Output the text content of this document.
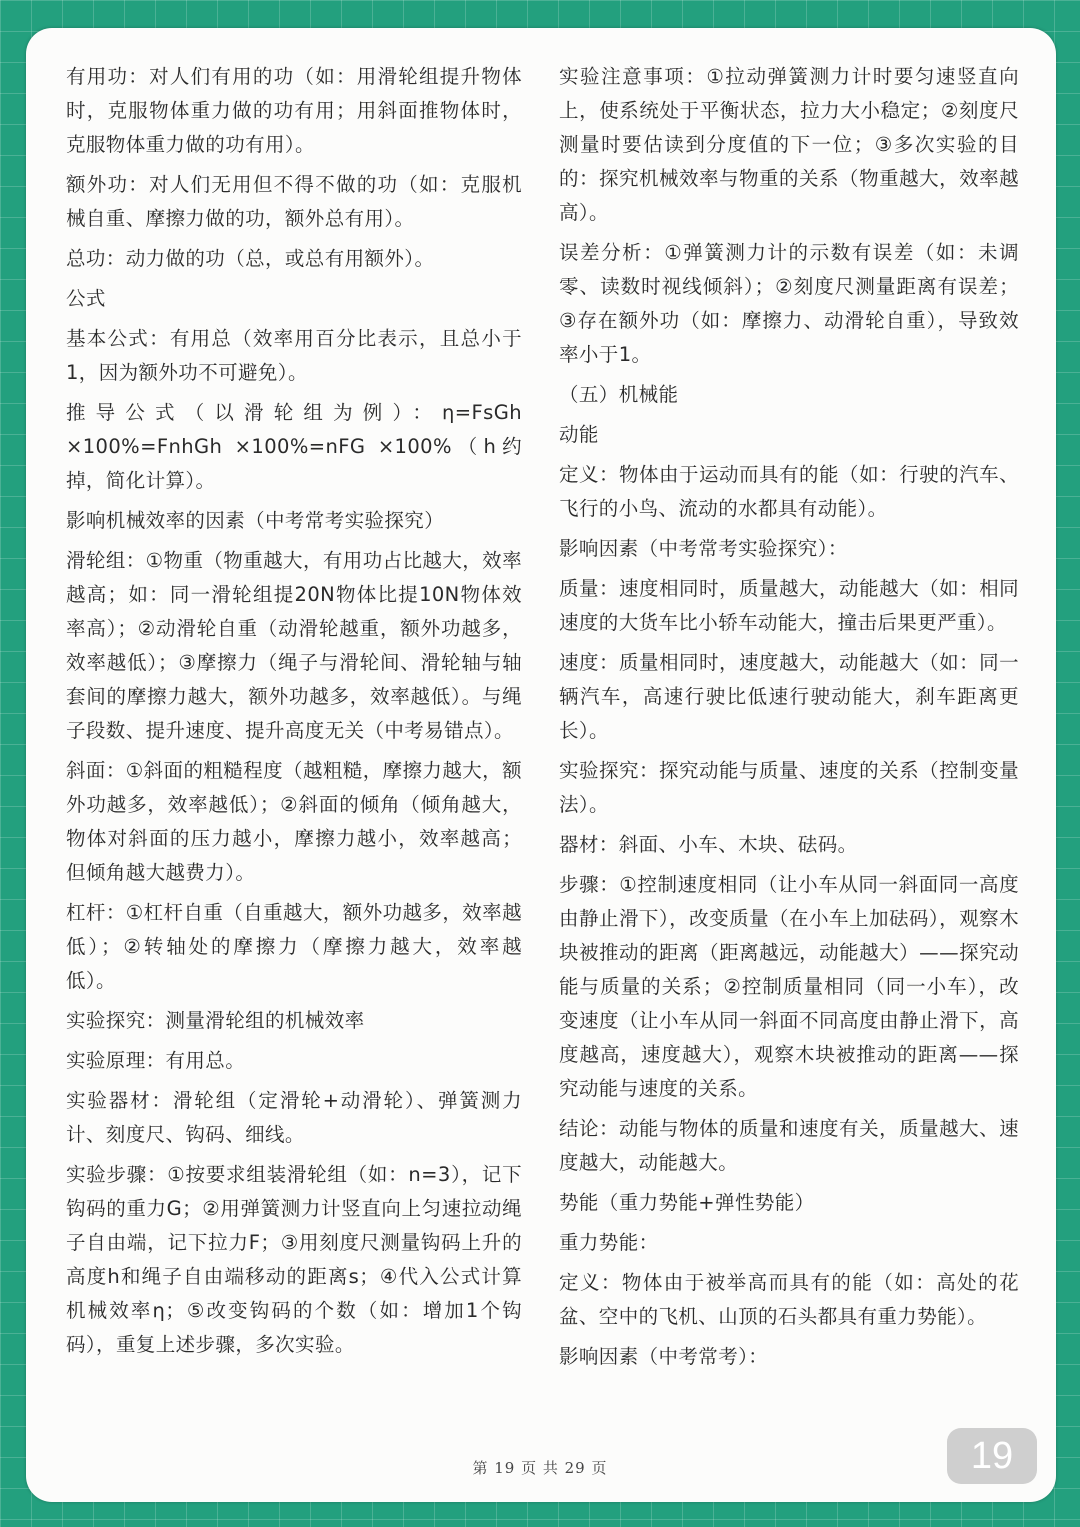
有用功：对人们有用的功（如：用滑轮组提升物体时，克服物体重力做的功有用；用斜面推物体时，克服物体重力做的功有用）。

额外功：对人们无用但不得不做的功（如：克服机械自重、摩擦力做的功，额外总有用）。

总功：动力做的功（总，或总有用额外）。

公式

基本公式：有用总（效率用百分比表示，且总小于1，因为额外功不可避免）。

推导公式（以滑轮组为例）：η=FsGh ×100%=FnhGh ×100%=nFG ×100%（h约掉，简化计算）。

影响机械效率的因素（中考常考实验探究）

滑轮组：①物重（物重越大，有用功占比越大，效率越高；如：同一滑轮组提20N物体比提10N物体效率高）；②动滑轮自重（动滑轮越重，额外功越多，效率越低）；③摩擦力（绳子与滑轮间、滑轮轴与轴套间的摩擦力越大，额外功越多，效率越低）。与绳子段数、提升速度、提升高度无关（中考易错点）。

斜面：①斜面的粗糙程度（越粗糙，摩擦力越大，额外功越多，效率越低）；②斜面的倾角（倾角越大，物体对斜面的压力越小，摩擦力越小，效率越高；但倾角越大越费力）。

杠杆：①杠杆自重（自重越大，额外功越多，效率越低）；②转轴处的摩擦力（摩擦力越大，效率越低）。

实验探究：测量滑轮组的机械效率

实验原理：有用总。

实验器材：滑轮组（定滑轮+动滑轮）、弹簧测力计、刻度尺、钩码、细线。

实验步骤：①按要求组装滑轮组（如：n=3），记下钩码的重力G；②用弹簧测力计竖直向上匀速拉动绳子自由端，记下拉力F；③用刻度尺测量钩码上升的高度h和绳子自由端移动的距离s；④代入公式计算机械效率η；⑤改变钩码的个数（如：增加1个钩码），重复上述步骤，多次实验。

实验注意事项：①拉动弹簧测力计时要匀速竖直向上，使系统处于平衡状态，拉力大小稳定；②刻度尺测量时要估读到分度值的下一位；③多次实验的目的：探究机械效率与物重的关系（物重越大，效率越高）。

误差分析：①弹簧测力计的示数有误差（如：未调零、读数时视线倾斜）；②刻度尺测量距离有误差；③存在额外功（如：摩擦力、动滑轮自重），导致效率小于1。

（五）机械能

动能

定义：物体由于运动而具有的能（如：行驶的汽车、飞行的小鸟、流动的水都具有动能）。

影响因素（中考常考实验探究）：

质量：速度相同时，质量越大，动能越大（如：相同速度的大货车比小轿车动能大，撞击后果更严重）。

速度：质量相同时，速度越大，动能越大（如：同一辆汽车，高速行驶比低速行驶动能大，刹车距离更长）。

实验探究：探究动能与质量、速度的关系（控制变量法）。

器材：斜面、小车、木块、砝码。

步骤：①控制速度相同（让小车从同一斜面同一高度由静止滑下），改变质量（在小车上加砝码），观察木块被推动的距离（距离越远，动能越大）——探究动能与质量的关系；②控制质量相同（同一小车），改变速度（让小车从同一斜面不同高度由静止滑下，高度越高，速度越大），观察木块被推动的距离——探究动能与速度的关系。

结论：动能与物体的质量和速度有关，质量越大、速度越大，动能越大。

势能（重力势能+弹性势能）

重力势能：

定义：物体由于被举高而具有的能（如：高处的花盆、空中的飞机、山顶的石头都具有重力势能）。

影响因素（中考常考）：

第 19 页 共 29 页	19
